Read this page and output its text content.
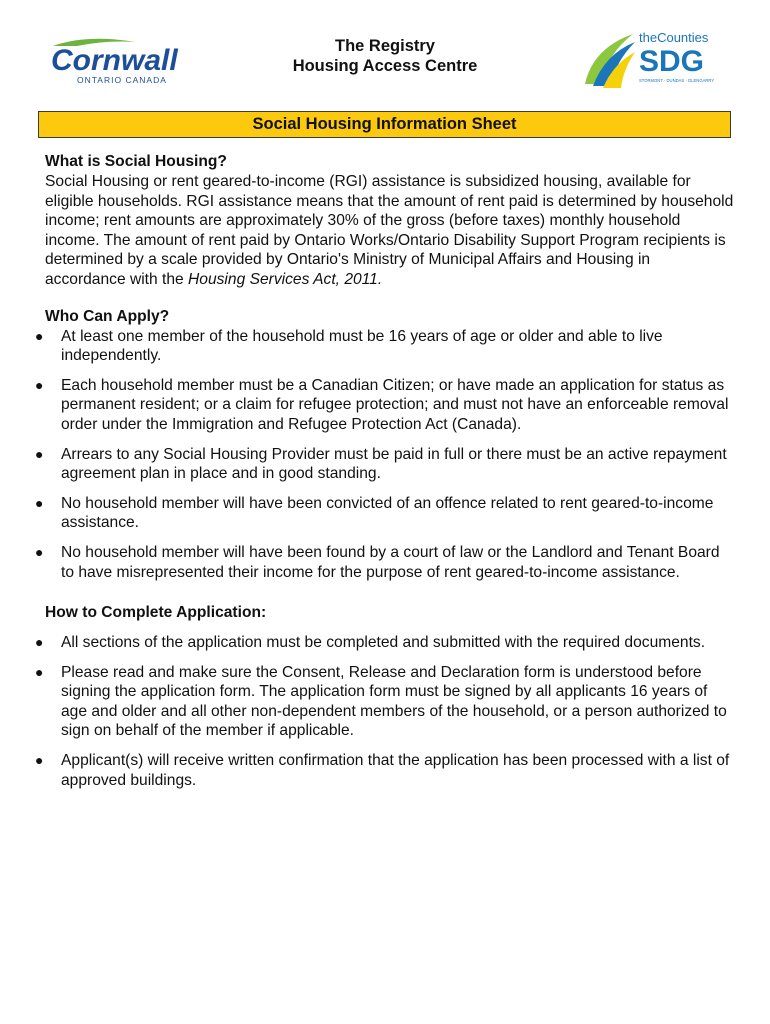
Cornwall
ONTARIO CANADA
The Registry
Housing Access Centre
theCounties
SDG
STORMONT · DUNDAS · GLENGARRY
Social Housing Information Sheet
What is Social Housing?

Social Housing or rent geared-to-income (RGI) assistance is subsidized housing, available for eligible households. RGI assistance means that the amount of rent paid is determined by household income; rent amounts are approximately 30% of the gross (before taxes) monthly household income. The amount of rent paid by Ontario Works/Ontario Disability Support Program recipients is determined by a scale provided by Ontario's Ministry of Municipal Affairs and Housing in accordance with the Housing Services Act, 2011.

Who Can Apply?
●	At least one member of the household must be 16 years of age or older and able to live independently.
●	Each household member must be a Canadian Citizen; or have made an application for status as permanent resident; or a claim for refugee protection; and must not have an enforceable removal order under the Immigration and Refugee Protection Act (Canada).
●	Arrears to any Social Housing Provider must be paid in full or there must be an active repayment agreement plan in place and in good standing.
●	No household member will have been convicted of an offence related to rent geared-to-income assistance.
●	No household member will have been found by a court of law or the Landlord and Tenant Board to have misrepresented their income for the purpose of rent geared-to-income assistance.
How to Complete Application:
●	All sections of the application must be completed and submitted with the required documents.
●	Please read and make sure the Consent, Release and Declaration form is understood before signing the application form. The application form must be signed by all applicants 16 years of age and older and all other non-dependent members of the household, or a person authorized to sign on behalf of the member if applicable.
●	Applicant(s) will receive written confirmation that the application has been processed with a list of approved buildings.
